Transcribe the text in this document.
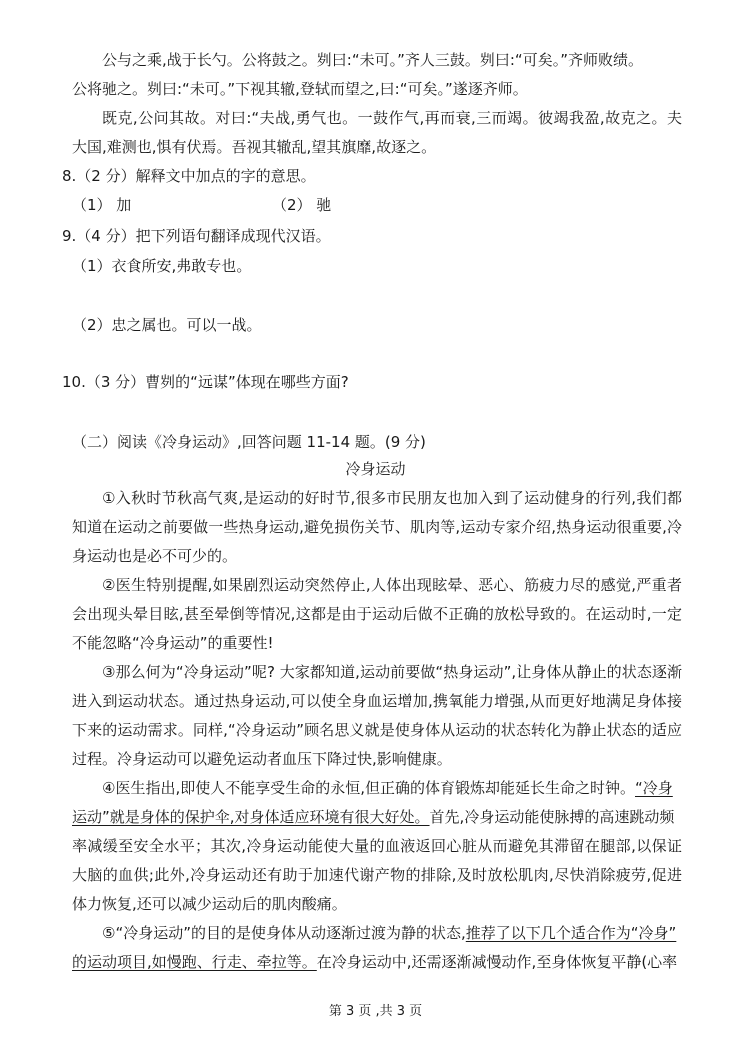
公与之乘,战于长勺。公将鼓之。刿曰:“未可。”齐人三鼓。刿曰:“可矣。”齐师败绩。
公将驰之。刿曰:“未可。”下视其辙,登轼而望之,曰:“可矣。”遂逐齐师。
既克,公问其故。对曰:“夫战,勇气也。一鼓作气,再而衰,三而竭。彼竭我盈,故克之。夫
大国,难测也,惧有伏焉。吾视其辙乱,望其旗靡,故逐之。
8.（2 分）解释文中加点的字的意思。
（1） 加	（2） 驰
9.（4 分）把下列语句翻译成现代汉语。
（1）衣食所安,弗敢专也。
（2）忠之属也。可以一战。
10.（3 分）曹刿的“远谋”体现在哪些方面?
（二）阅读《冷身运动》,回答问题 11-14 题。(9 分)
冷身运动
①入秋时节秋高气爽,是运动的好时节,很多市民朋友也加入到了运动健身的行列,我们都
知道在运动之前要做一些热身运动,避免损伤关节、肌肉等,运动专家介绍,热身运动很重要,冷
身运动也是必不可少的。
②医生特别提醒,如果剧烈运动突然停止,人体出现眩晕、恶心、筋疲力尽的感觉,严重者
会出现头晕目眩,甚至晕倒等情况,这都是由于运动后做不正确的放松导致的。在运动时,一定
不能忽略“冷身运动”的重要性!
③那么何为“冷身运动”呢? 大家都知道,运动前要做“热身运动”,让身体从静止的状态逐渐
进入到运动状态。通过热身运动,可以使全身血运增加,携氧能力增强,从而更好地满足身体接
下来的运动需求。同样,“冷身运动”顾名思义就是使身体从运动的状态转化为静止状态的适应
过程。冷身运动可以避免运动者血压下降过快,影响健康。
④医生指出,即使人不能享受生命的永恒,但正确的体育锻炼却能延长生命之时钟。“冷身
运动”就是身体的保护伞,对身体适应环境有很大好处。首先,冷身运动能使脉搏的高速跳动频
率减缓至安全水平；其次,冷身运动能使大量的血液返回心脏从而避免其滞留在腿部,以保证
大脑的血供;此外,冷身运动还有助于加速代谢产物的排除,及时放松肌肉,尽快消除疲劳,促进
体力恢复,还可以减少运动后的肌肉酸痛。
⑤“冷身运动”的目的是使身体从动逐渐过渡为静的状态,推荐了以下几个适合作为“冷身”
的运动项目,如慢跑、行走、牵拉等。在冷身运动中,还需逐渐减慢动作,至身体恢复平静(心率
第 3 页 ,共 3 页
